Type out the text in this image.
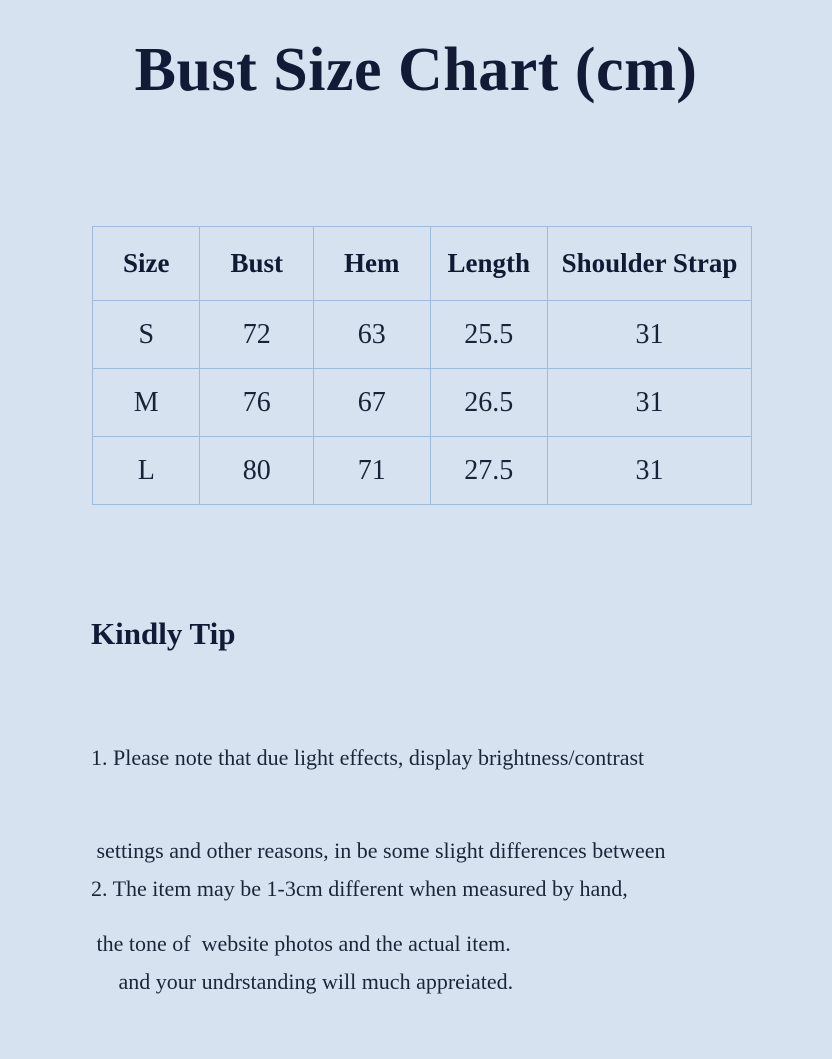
Bust Size Chart (cm)
Size	Bust	Hem	Length	Shoulder Strap
S	72	63	25.5	31
M	76	67	26.5	31
L	80	71	27.5	31
Kindly Tip

1. Please note that due light effects, display brightness/contrast

settings and other reasons, in be some slight differences between

the tone of  website photos and the actual item.

2. The item may be 1-3cm different when measured by hand,

and your undrstanding will much appreiated.
